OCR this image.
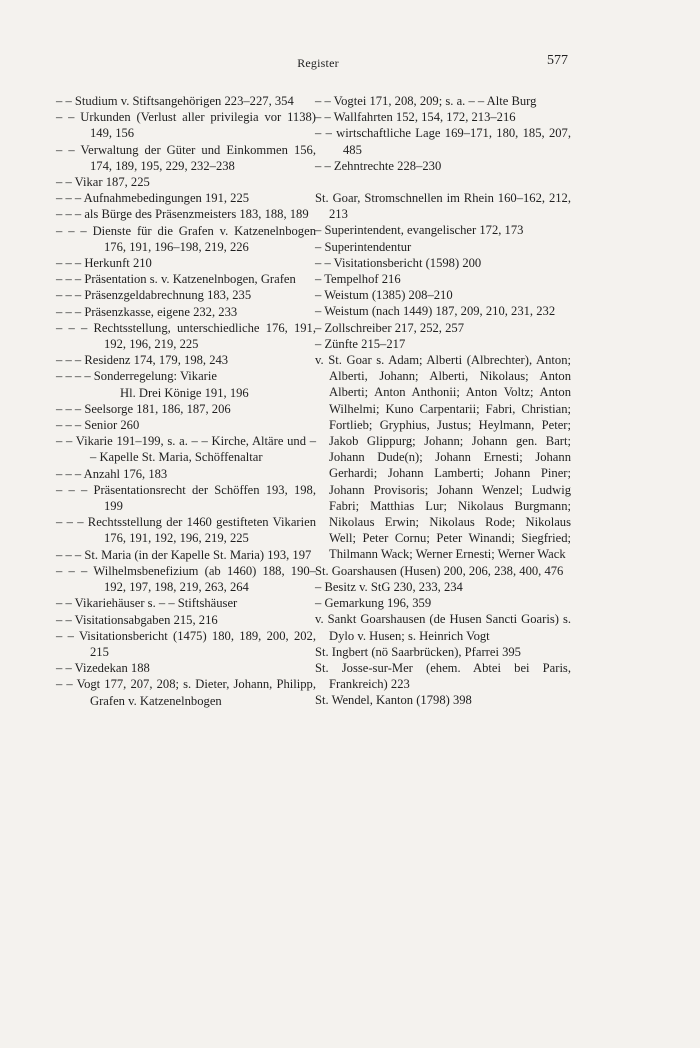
Register	577

– – Studium v. Stiftsangehörigen 223–227, 354

– – Urkunden (Verlust aller privilegia vor 1138) 149, 156

– – Verwaltung der Güter und Einkommen 156, 174, 189, 195, 229, 232–238

– – Vikar 187, 225

– – – Aufnahmebedingungen 191, 225

– – – als Bürge des Präsenzmeisters 183, 188, 189

– – – Dienste für die Grafen v. Katzenelnbogen 176, 191, 196–198, 219, 226

– – – Herkunft 210

– – – Präsentation s. v. Katzenelnbogen, Grafen

– – – Präsenzgeldabrechnung 183, 235

– – – Präsenzkasse, eigene 232, 233

– – – Rechtsstellung, unterschiedliche 176, 191, 192, 196, 219, 225

– – – Residenz 174, 179, 198, 243

– – – – Sonderregelung: Vikarie

Hl. Drei Könige 191, 196

– – – Seelsorge 181, 186, 187, 206

– – – Senior 260

– – Vikarie 191–199, s. a. – – Kirche, Altäre und – – Kapelle St. Maria, Schöffenaltar

– – – Anzahl 176, 183

– – – Präsentationsrecht der Schöffen 193, 198, 199

– – – Rechtsstellung der 1460 gestifteten Vikarien 176, 191, 192, 196, 219, 225

– – – St. Maria (in der Kapelle St. Maria) 193, 197

– – – Wilhelmsbenefizium (ab 1460) 188, 190–192, 197, 198, 219, 263, 264

– – Vikariehäuser s. – – Stiftshäuser

– – Visitationsabgaben 215, 216

– – Visitationsbericht (1475) 180, 189, 200, 202, 215

– – Vizedekan 188

– – Vogt 177, 207, 208; s. Dieter, Johann, Philipp, Grafen v. Katzenelnbogen

– – Vogtei 171, 208, 209; s. a. – – Alte Burg

– – Wallfahrten 152, 154, 172, 213–216

– – wirtschaftliche Lage 169–171, 180, 185, 207, 485

– – Zehntrechte 228–230

St. Goar, Stromschnellen im Rhein 160–162, 212, 213

– Superintendent, evangelischer 172, 173

– Superintendentur

– – Visitationsbericht (1598) 200

– Tempelhof 216

– Weistum (1385) 208–210

– Weistum (nach 1449) 187, 209, 210, 231, 232

– Zollschreiber 217, 252, 257

– Zünfte 215–217

v. St. Goar s. Adam; Alberti (Albrechter), Anton; Alberti, Johann; Alberti, Nikolaus; Anton Alberti; Anton Anthonii; Anton Voltz; Anton Wilhelmi; Kuno Carpentarii; Fabri, Christian; Fortlieb; Gryphius, Justus; Heylmann, Peter; Jakob Glippurg; Johann; Johann gen. Bart; Johann Dude(n); Johann Ernesti; Johann Gerhardi; Johann Lamberti; Johann Piner; Johann Provisoris; Johann Wenzel; Ludwig Fabri; Matthias Lur; Nikolaus Burgmann; Nikolaus Erwin; Nikolaus Rode; Nikolaus Well; Peter Cornu; Peter Winandi; Siegfried; Thilmann Wack; Werner Ernesti; Werner Wack

St. Goarshausen (Husen) 200, 206, 238, 400, 476

– Besitz v. StG 230, 233, 234

– Gemarkung 196, 359

v. Sankt Goarshausen (de Husen Sancti Goaris) s. Dylo v. Husen; s. Heinrich Vogt

St. Ingbert (nö Saarbrücken), Pfarrei 395

St. Josse-sur-Mer (ehem. Abtei bei Paris, Frankreich) 223

St. Wendel, Kanton (1798) 398
